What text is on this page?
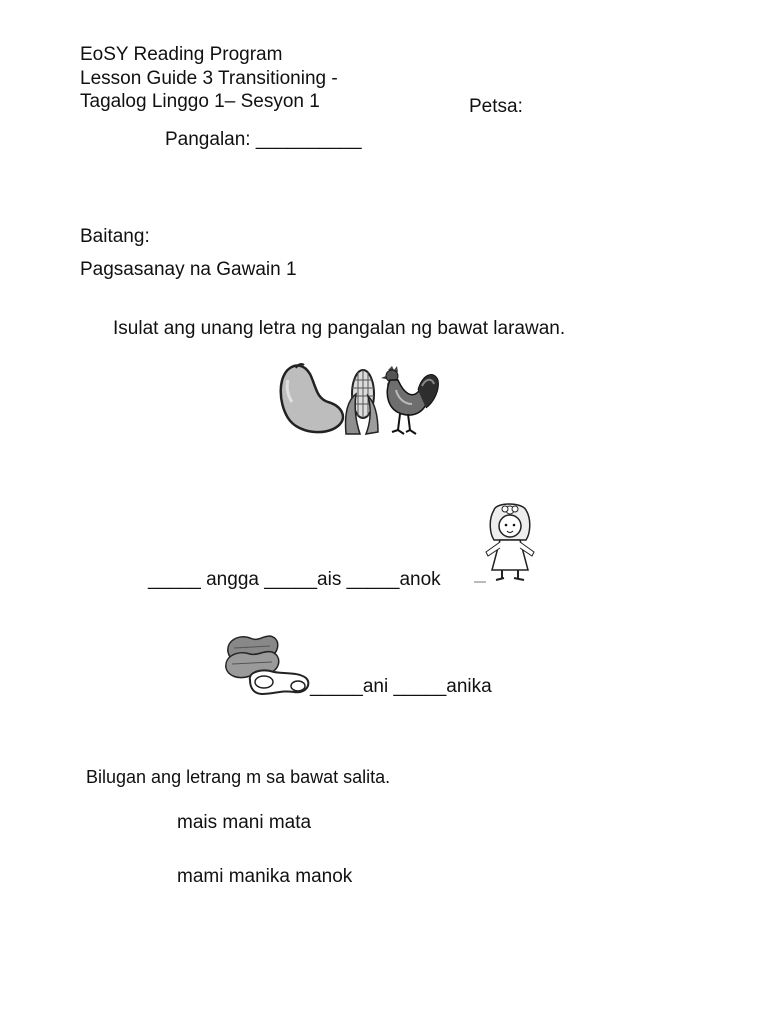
EoSY Reading Program
Lesson Guide 3 Transitioning -
Tagalog Linggo 1– Sesyon 1	Petsa:
Pangalan: __________
Baitang:
Pagsasanay na Gawain 1
Isulat ang unang letra ng pangalan ng bawat larawan.
_____ angga _____ais _____anok
_____ani _____anika
Bilugan ang letrang m sa bawat salita.
mais mani mata
mami manika manok
